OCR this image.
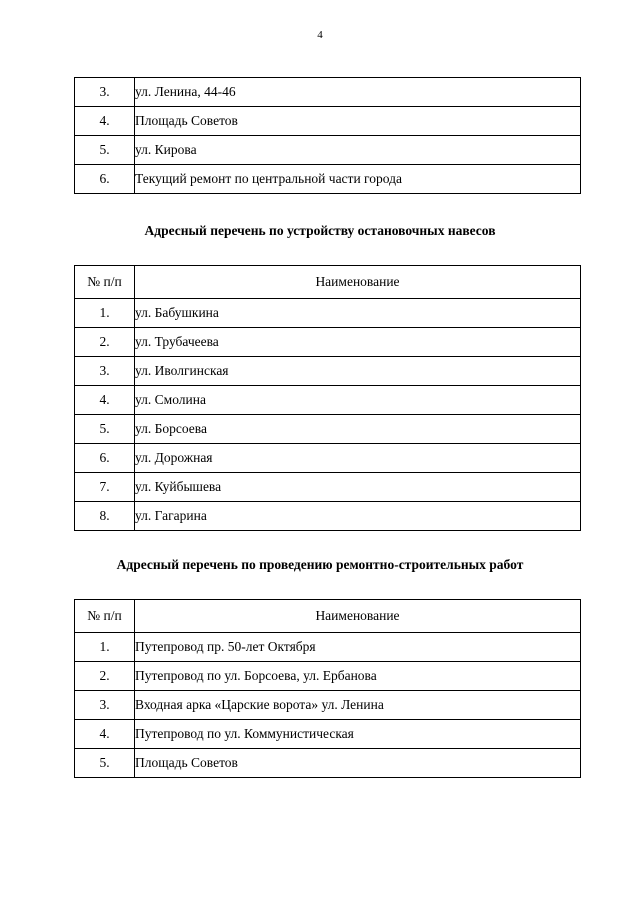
4
3.	ул. Ленина, 44-46
4.	Площадь Советов
5.	ул. Кирова
6.	Текущий ремонт по центральной части города
Адресный перечень по устройству остановочных навесов
№ п/п	Наименование
1.	ул. Бабушкина
2.	ул. Трубачеева
3.	ул. Иволгинская
4.	ул. Смолина
5.	ул. Борсоева
6.	ул. Дорожная
7.	ул. Куйбышева
8.	ул. Гагарина
Адресный перечень по проведению ремонтно-строительных работ
№ п/п	Наименование
1.	Путепровод пр. 50-лет Октября
2.	Путепровод по ул. Борсоева, ул. Ербанова
3.	Входная арка «Царские ворота» ул. Ленина
4.	Путепровод по ул. Коммунистическая
5.	Площадь Советов
